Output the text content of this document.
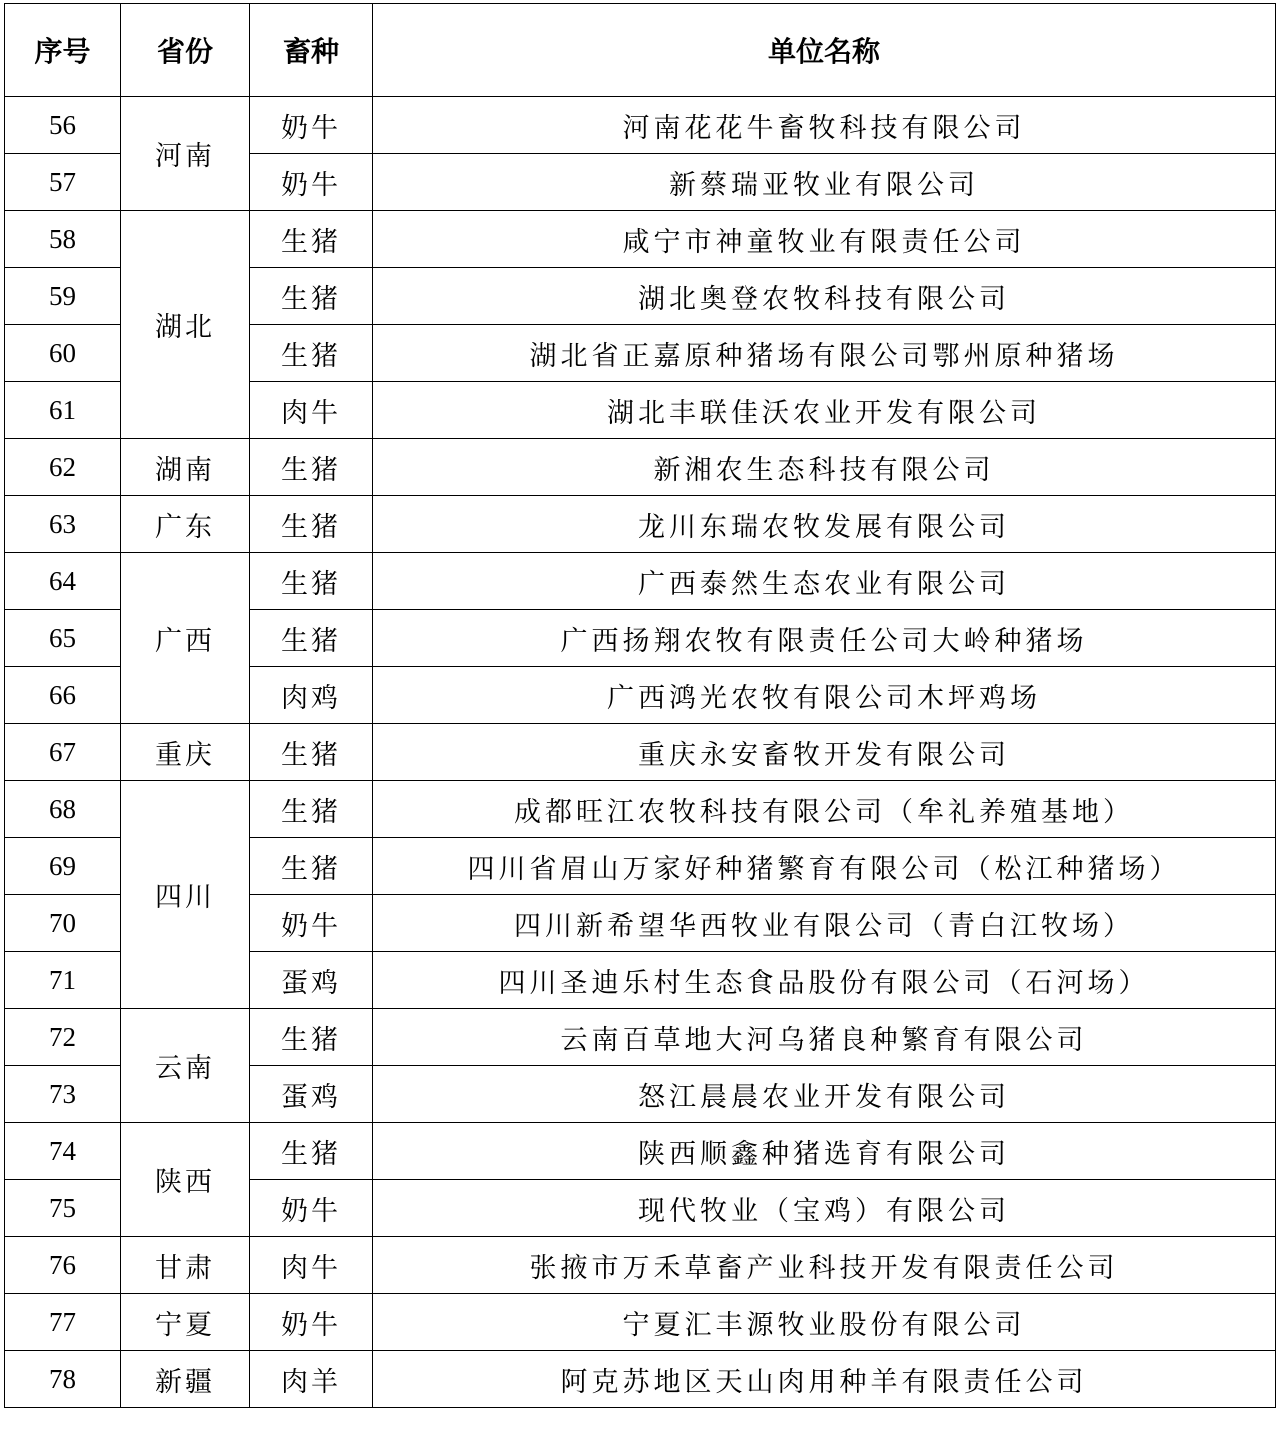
序号	省份	畜种	单位名称
56	河南	奶牛	河南花花牛畜牧科技有限公司
57		奶牛	新蔡瑞亚牧业有限公司
58	湖北	生猪	咸宁市神童牧业有限责任公司
59		生猪	湖北奥登农牧科技有限公司
60		生猪	湖北省正嘉原种猪场有限公司鄂州原种猪场
61		肉牛	湖北丰联佳沃农业开发有限公司
62	湖南	生猪	新湘农生态科技有限公司
63	广东	生猪	龙川东瑞农牧发展有限公司
64	广西	生猪	广西泰然生态农业有限公司
65		生猪	广西扬翔农牧有限责任公司大岭种猪场
66		肉鸡	广西鸿光农牧有限公司木坪鸡场
67	重庆	生猪	重庆永安畜牧开发有限公司
68	四川	生猪	成都旺江农牧科技有限公司（牟礼养殖基地）
69		生猪	四川省眉山万家好种猪繁育有限公司（松江种猪场）
70		奶牛	四川新希望华西牧业有限公司（青白江牧场）
71		蛋鸡	四川圣迪乐村生态食品股份有限公司（石河场）
72	云南	生猪	云南百草地大河乌猪良种繁育有限公司
73		蛋鸡	怒江晨晨农业开发有限公司
74	陕西	生猪	陕西顺鑫种猪选育有限公司
75		奶牛	现代牧业（宝鸡）有限公司
76	甘肃	肉牛	张掖市万禾草畜产业科技开发有限责任公司
77	宁夏	奶牛	宁夏汇丰源牧业股份有限公司
78	新疆	肉羊	阿克苏地区天山肉用种羊有限责任公司
